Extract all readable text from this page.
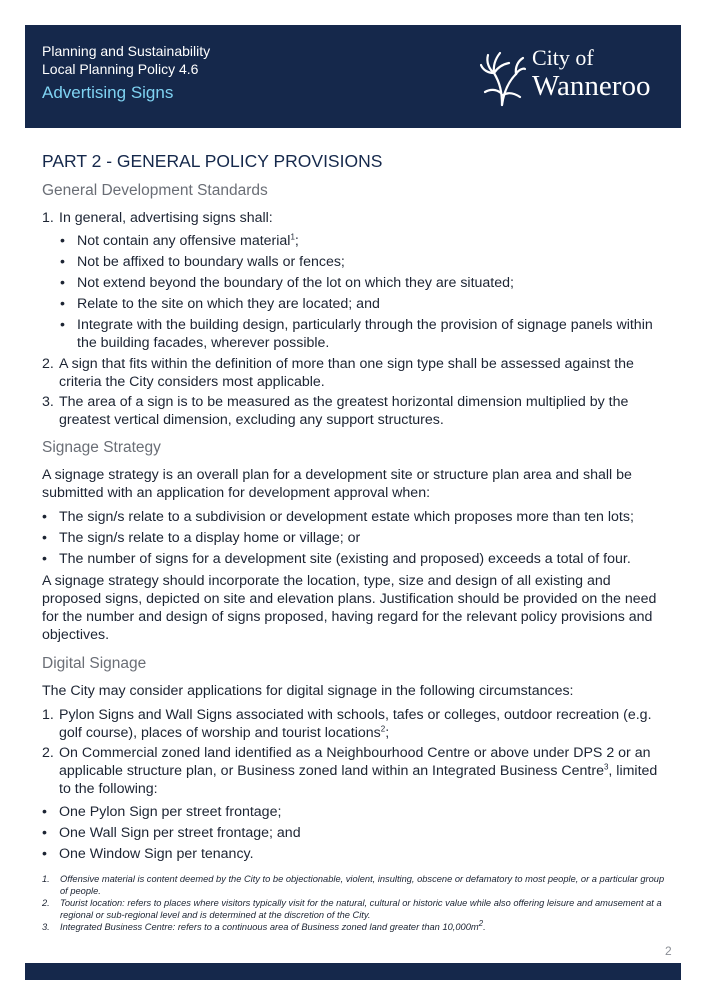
Planning and Sustainability
Local Planning Policy 4.6
Advertising Signs
City of
Wanneroo
PART 2 - GENERAL POLICY PROVISIONS
General Development Standards
1. In general, advertising signs shall:
• Not contain any offensive material$^1$;
• Not be affixed to boundary walls or fences;
• Not extend beyond the boundary of the lot on which they are situated;
• Relate to the site on which they are located; and
• Integrate with the building design, particularly through the provision of signage panels within the building facades, wherever possible.
2. A sign that fits within the definition of more than one sign type shall be assessed against the criteria the City considers most applicable.
3. The area of a sign is to be measured as the greatest horizontal dimension multiplied by the greatest vertical dimension, excluding any support structures.
Signage Strategy
A signage strategy is an overall plan for a development site or structure plan area and shall be submitted with an application for development approval when:
• The sign/s relate to a subdivision or development estate which proposes more than ten lots;
• The sign/s relate to a display home or village; or
• The number of signs for a development site (existing and proposed) exceeds a total of four.
A signage strategy should incorporate the location, type, size and design of all existing and proposed signs, depicted on site and elevation plans. Justification should be provided on the need for the number and design of signs proposed, having regard for the relevant policy provisions and objectives.
Digital Signage
The City may consider applications for digital signage in the following circumstances:
1. Pylon Signs and Wall Signs associated with schools, tafes or colleges, outdoor recreation (e.g. golf course), places of worship and tourist locations$^2$;
2. On Commercial zoned land identified as a Neighbourhood Centre or above under DPS 2 or an applicable structure plan, or Business zoned land within an Integrated Business Centre$^3$, limited to the following:
• One Pylon Sign per street frontage;
• One Wall Sign per street frontage; and
• One Window Sign per tenancy.
1.	Offensive material is content deemed by the City to be objectionable, violent, insulting, obscene or defamatory to most people, or a particular group of people.
2.	Tourist location: refers to places where visitors typically visit for the natural, cultural or historic value while also offering leisure and amusement at a regional or sub-regional level and is determined at the discretion of the City.
3.	Integrated Business Centre: refers to a continuous area of Business zoned land greater than $10,000m^2$.
2
